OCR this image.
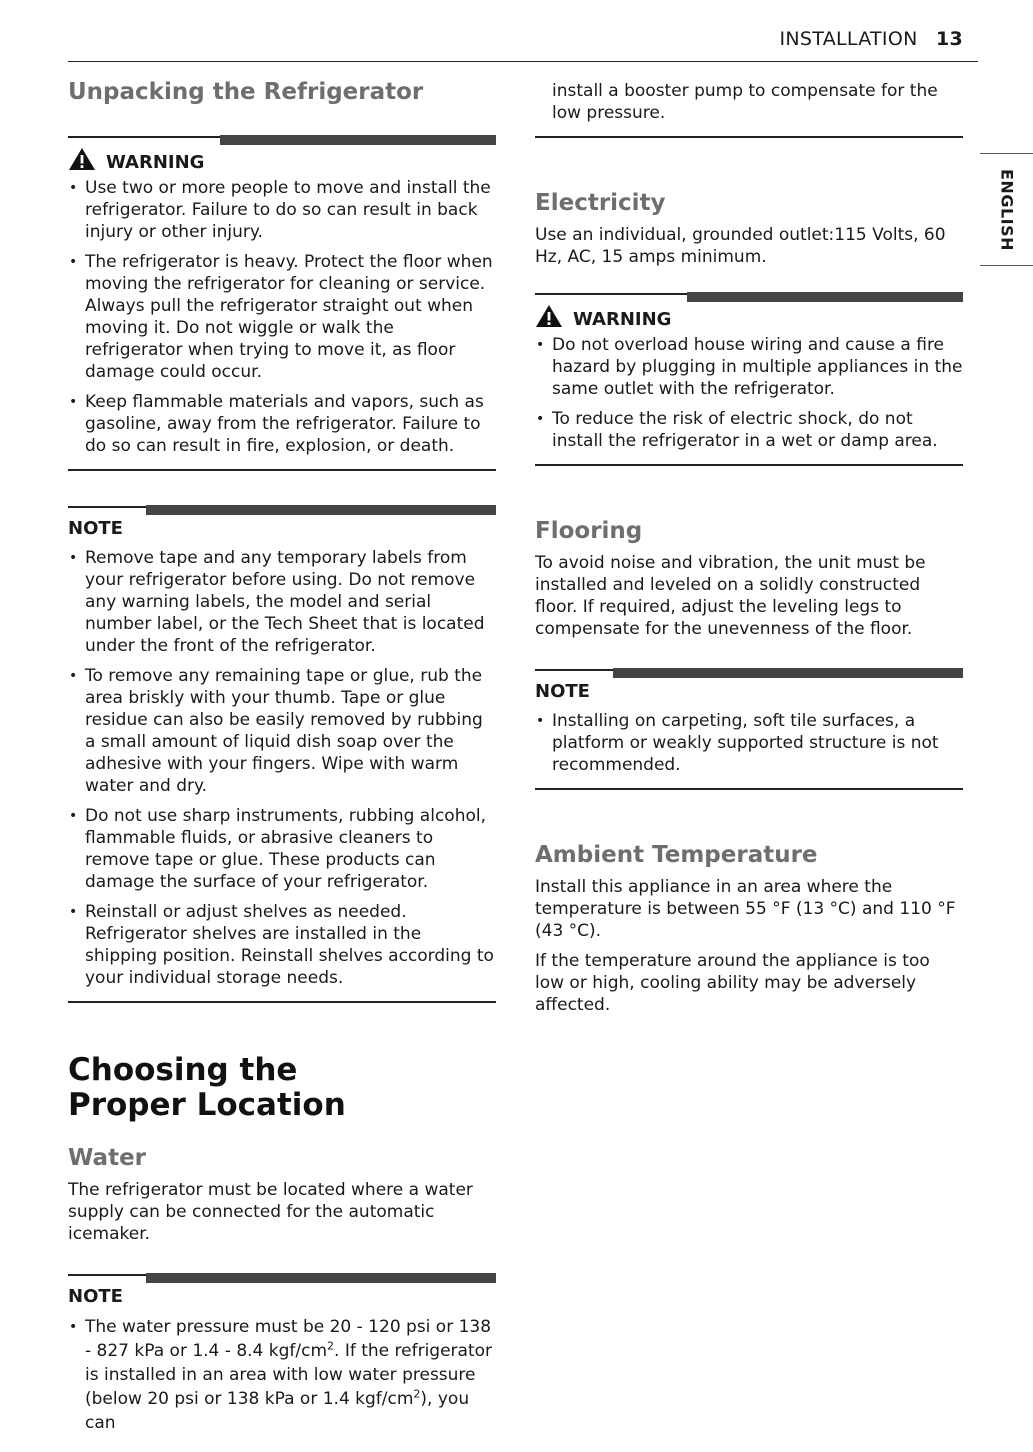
INSTALLATION 13
ENGLISH
Unpacking the Refrigerator
WARNING
• Use two or more people to move and install the refrigerator. Failure to do so can result in back injury or other injury.
• The refrigerator is heavy. Protect the floor when moving the refrigerator for cleaning or service. Always pull the refrigerator straight out when moving it. Do not wiggle or walk the refrigerator when trying to move it, as floor damage could occur.
• Keep flammable materials and vapors, such as gasoline, away from the refrigerator. Failure to do so can result in fire, explosion, or death.
NOTE
• Remove tape and any temporary labels from your refrigerator before using. Do not remove any warning labels, the model and serial number label, or the Tech Sheet that is located under the front of the refrigerator.
• To remove any remaining tape or glue, rub the area briskly with your thumb. Tape or glue residue can also be easily removed by rubbing a small amount of liquid dish soap over the adhesive with your fingers. Wipe with warm water and dry.
• Do not use sharp instruments, rubbing alcohol, flammable fluids, or abrasive cleaners to remove tape or glue. These products can damage the surface of your refrigerator.
• Reinstall or adjust shelves as needed. Refrigerator shelves are installed in the shipping position. Reinstall shelves according to your individual storage needs.
Choosing the Proper Location
Water

The refrigerator must be located where a water supply can be connected for the automatic icemaker.

NOTE
• The water pressure must be 20 - 120 psi or 138 - 827 kPa or 1.4 - 8.4 kgf/$cm^2$. If the refrigerator is installed in an area with low water pressure (below 20 psi or 138 kPa or 1.4 kgf/$cm^2$), you can

install a booster pump to compensate for the low pressure.

Electricity

Use an individual, grounded outlet:115 Volts, 60 Hz, AC, 15 amps minimum.

WARNING
• Do not overload house wiring and cause a fire hazard by plugging in multiple appliances in the same outlet with the refrigerator.
• To reduce the risk of electric shock, do not install the refrigerator in a wet or damp area.
Flooring

To avoid noise and vibration, the unit must be installed and leveled on a solidly constructed floor. If required, adjust the leveling legs to compensate for the unevenness of the floor.

NOTE
• Installing on carpeting, soft tile surfaces, a platform or weakly supported structure is not recommended.
Ambient Temperature

Install this appliance in an area where the temperature is between 55 °F (13 °C) and 110 °F (43 °C).

If the temperature around the appliance is too low or high, cooling ability may be adversely affected.
